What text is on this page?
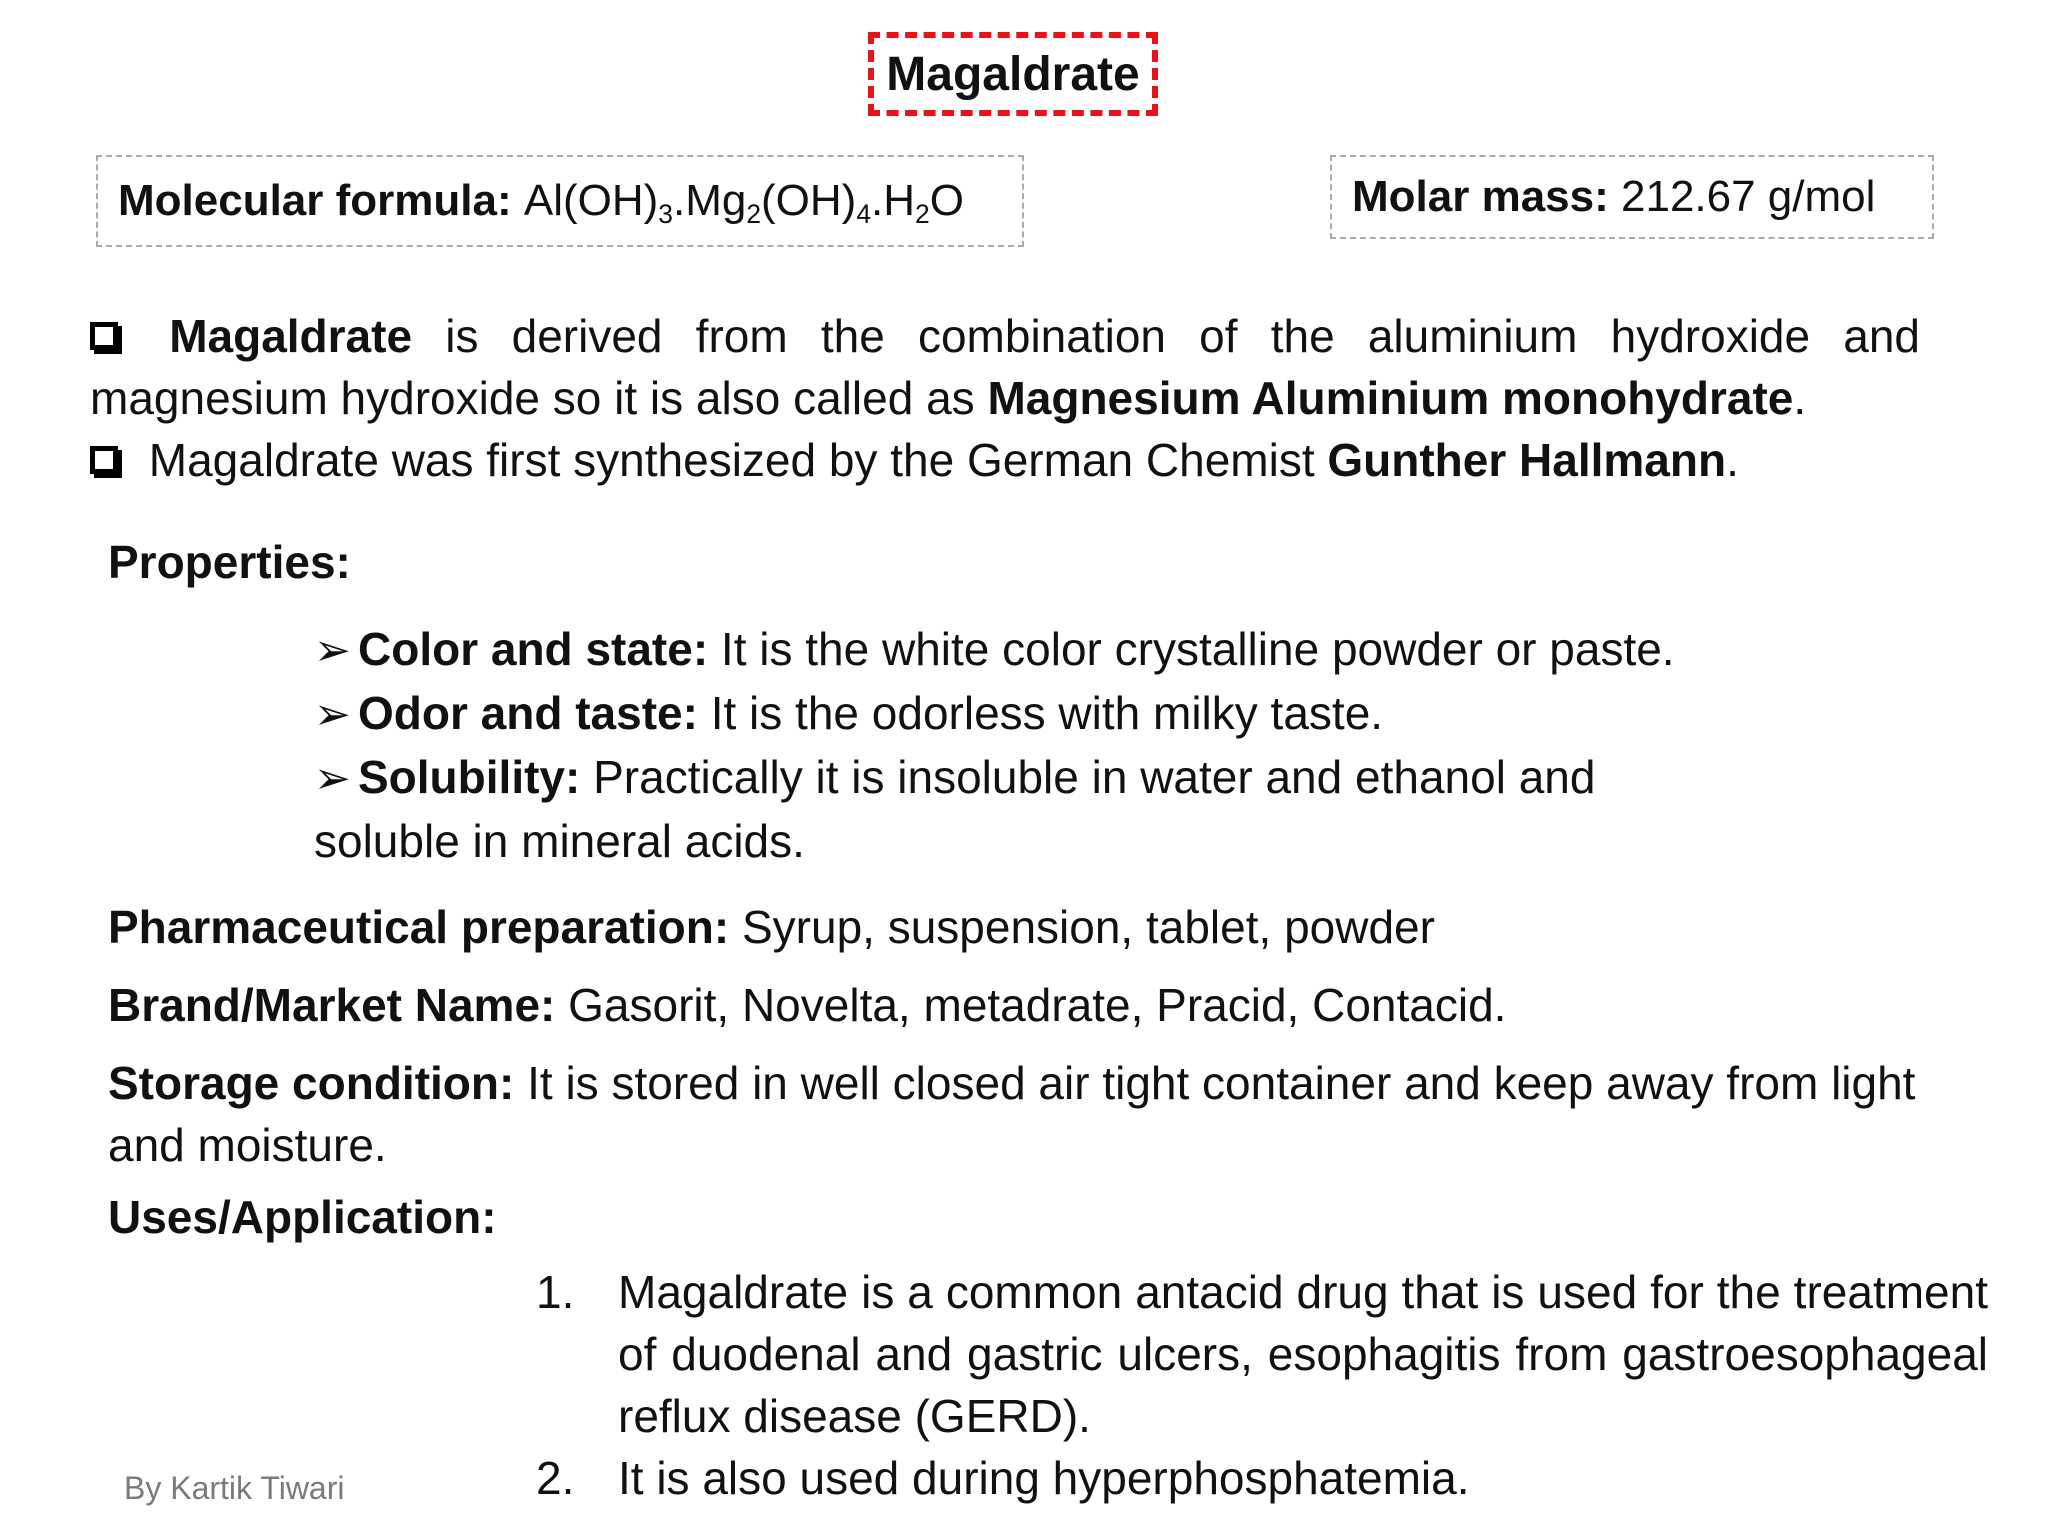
Magaldrate
Molecular formula:
$Al(OH)_3.Mg_2(OH)_4.H_2O$	Molar mass:
212.67 g/mol

Magaldrate is derived from the combination of the aluminium hydroxide and magnesium hydroxide so it is also called as Magnesium Aluminium monohydrate.

Magaldrate was first synthesized by the German Chemist Gunther Hallmann.

Properties:

➢ Color and state: It is the white color crystalline powder or paste.

➢ Odor and taste: It is the odorless with milky taste.

➢ Solubility: Practically it is insoluble in water and ethanol and soluble in mineral acids.

Pharmaceutical preparation: Syrup, suspension, tablet, powder
Brand/Market Name: Gasorit, Novelta, metadrate, Pracid, Contacid.
Storage condition: It is stored in well closed air tight container and keep away from light and moisture.
Uses/Application:
1. Magaldrate is a common antacid drug that is used for the treatment of duodenal and gastric ulcers, esophagitis from gastroesophageal reflux disease (GERD).
2. It is also used during hyperphosphatemia.
By Kartik Tiwari
